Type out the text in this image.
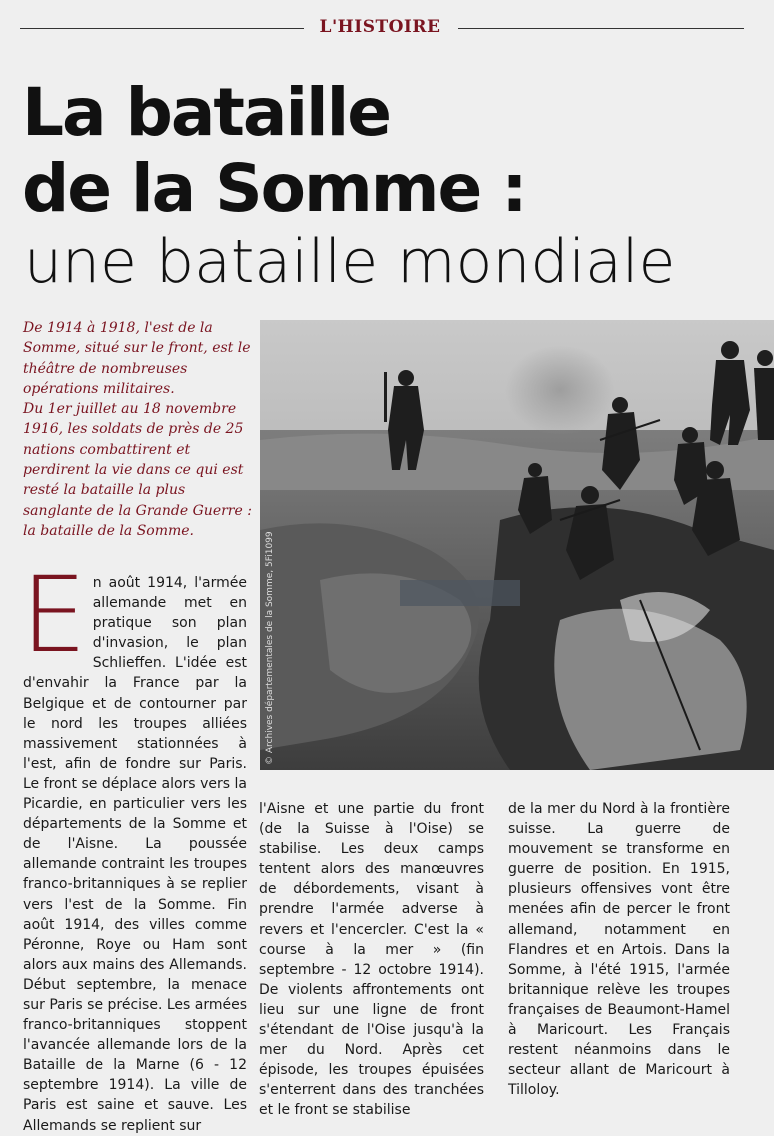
L'HISTOIRE
La bataille
de la Somme :
une bataille mondiale

De 1914 à 1918, l'est de la Somme, situé sur le front, est le théâtre de nombreuses opérations militaires.

Du 1er juillet au 18 novembre 1916, les soldats de près de 25 nations combattirent et perdirent la vie dans ce qui est resté la bataille la plus sanglante de la Grande Guerre : la bataille de la Somme.

© Archives départementales de la Somme, 5Fi1099

En août 1914, l'armée allemande met en pratique son plan d'invasion, le plan Schlieffen. L'idée est d'envahir la France par la Belgique et de contourner par le nord les troupes alliées massivement stationnées à l'est, afin de fondre sur Paris. Le front se déplace alors vers la Picardie, en particulier vers les départements de la Somme et de l'Aisne. La poussée allemande contraint les troupes franco-britanniques à se replier vers l'est de la Somme. Fin août 1914, des villes comme Péronne, Roye ou Ham sont alors aux mains des Allemands. Début septembre, la menace sur Paris se précise. Les armées franco-britanniques stoppent l'avancée allemande lors de la Bataille de la Marne (6 - 12 septembre 1914). La ville de Paris est saine et sauve. Les Allemands se replient sur

l'Aisne et une partie du front (de la Suisse à l'Oise) se stabilise. Les deux camps tentent alors des manœuvres de débordements, visant à prendre l'armée adverse à revers et l'encercler. C'est la « course à la mer » (fin septembre - 12 octobre 1914). De violents affrontements ont lieu sur une ligne de front s'étendant de l'Oise jusqu'à la mer du Nord. Après cet épisode, les troupes épuisées s'enterrent dans des tranchées et le front se stabilise

de la mer du Nord à la frontière suisse. La guerre de mouvement se transforme en guerre de position. En 1915, plusieurs offensives vont être menées afin de percer le front allemand, notamment en Flandres et en Artois. Dans la Somme, à l'été 1915, l'armée britannique relève les troupes françaises de Beaumont-Hamel à Maricourt. Les Français restent néanmoins dans le secteur allant de Maricourt à Tilloloy.
